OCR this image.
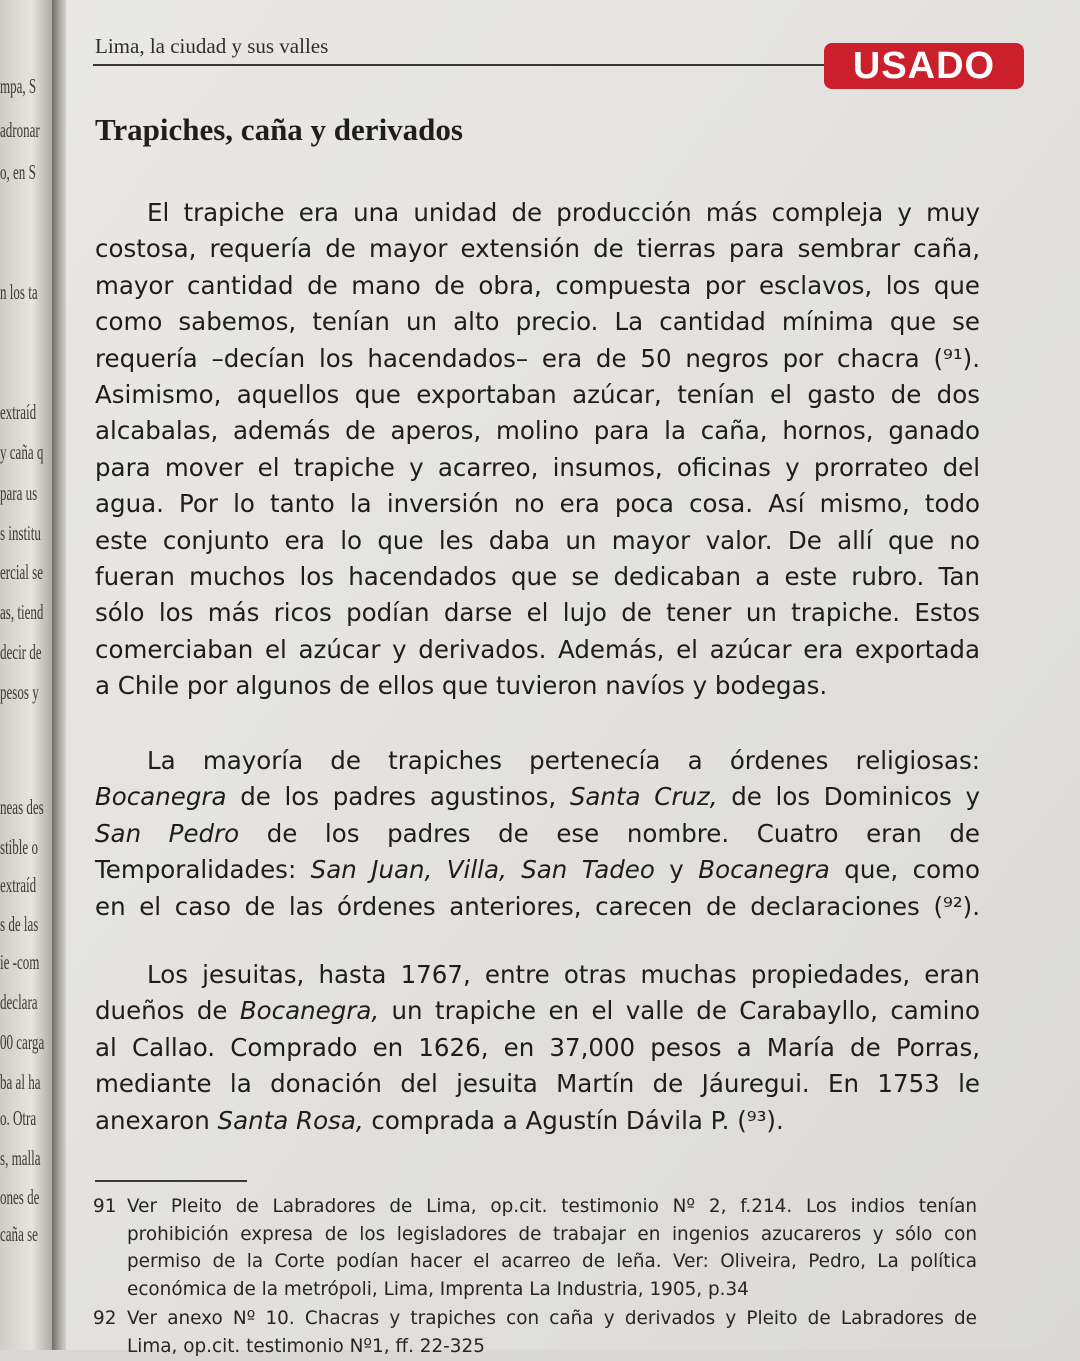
mpa, S
adronar
o, en S
n los ta
extraíd
y caña q
para us
s institu
ercial se
as, tiend
decir de
pesos y
neas des
stible o
extraíd
s de las
ie -com
declara
00 carga
ba al ha
o. Otra
s, malla
ones de
caña se
Lima, la ciudad y sus valles	USADO
Trapiches, caña y derivados
El trapiche era una unidad de producción más compleja y muy
costosa, requería de mayor extensión de tierras para sembrar caña,
mayor cantidad de mano de obra, compuesta por esclavos, los que
como sabemos, tenían un alto precio. La cantidad mínima que se
requería –decían los hacendados– era de 50 negros por chacra (⁹¹).
Asimismo, aquellos que exportaban azúcar, tenían el gasto de dos
alcabalas, además de aperos, molino para la caña, hornos, ganado
para mover el trapiche y acarreo, insumos, oficinas y prorrateo del
agua. Por lo tanto la inversión no era poca cosa. Así mismo, todo
este conjunto era lo que les daba un mayor valor. De allí que no
fueran muchos los hacendados que se dedicaban a este rubro. Tan
sólo los más ricos podían darse el lujo de tener un trapiche. Estos
comerciaban el azúcar y derivados. Además, el azúcar era exportada
a Chile por algunos de ellos que tuvieron navíos y bodegas.
La mayoría de trapiches pertenecía a órdenes religiosas:
Bocanegra de los padres agustinos, Santa Cruz, de los Dominicos y
San Pedro de los padres de ese nombre. Cuatro eran de
Temporalidades: San Juan, Villa, San Tadeo y Bocanegra que, como
en el caso de las órdenes anteriores, carecen de declaraciones (⁹²).
Los jesuitas, hasta 1767, entre otras muchas propiedades, eran
dueños de Bocanegra, un trapiche en el valle de Carabayllo, camino
al Callao. Comprado en 1626, en 37,000 pesos a María de Porras,
mediante la donación del jesuita Martín de Jáuregui. En 1753 le
anexaron Santa Rosa, comprada a Agustín Dávila P. (⁹³).
91 Ver Pleito de Labradores de Lima, op.cit. testimonio Nº 2, f.214. Los indios tenían
prohibición expresa de los legisladores de trabajar en ingenios azucareros y sólo con
permiso de la Corte podían hacer el acarreo de leña. Ver: Oliveira, Pedro, La política
económica de la metrópoli, Lima, Imprenta La Industria, 1905, p.34
92 Ver anexo Nº 10. Chacras y trapiches con caña y derivados y Pleito de Labradores de
Lima, op.cit. testimonio Nº1, ff. 22-325
